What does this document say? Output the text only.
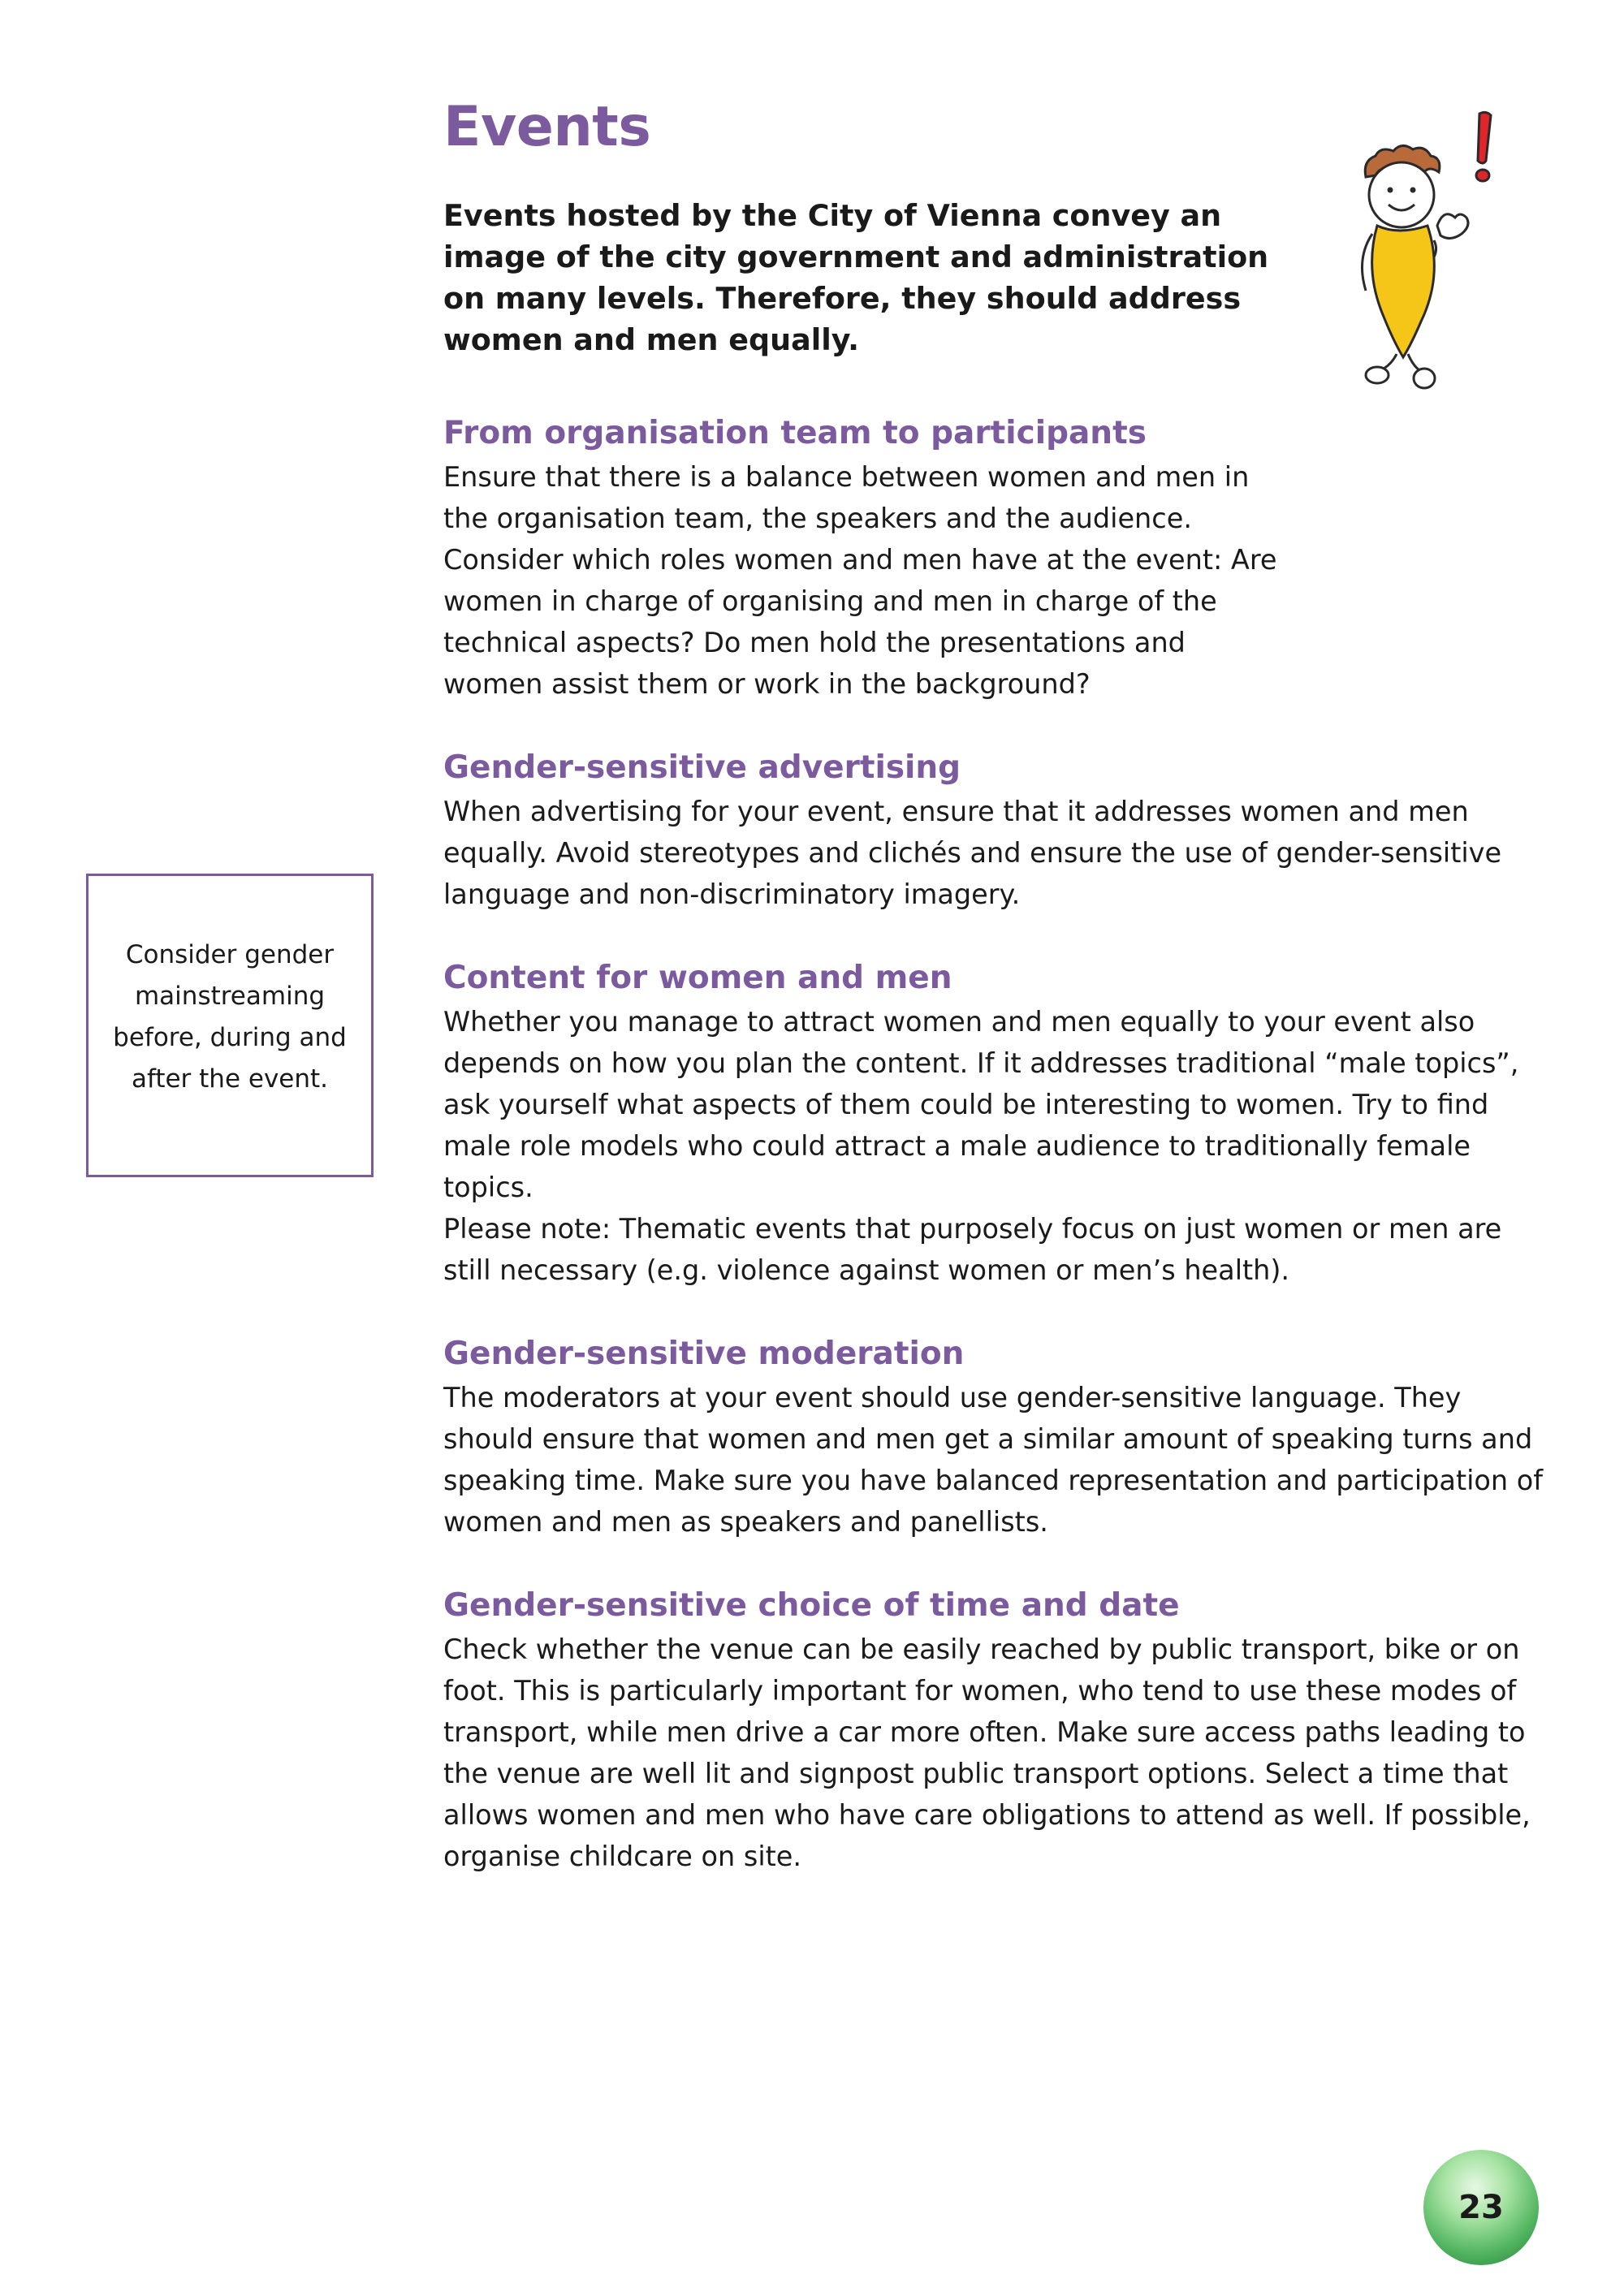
Events

Events hosted by the City of Vienna convey an image of the city government and administration on many levels. Therefore, they should address women and men equally.

From organisation team to participants

Ensure that there is a balance between women and men in the organisation team, the speakers and the audience. Consider which roles women and men have at the event: Are women in charge of organising and men in charge of the technical aspects? Do men hold the presentations and women assist them or work in the background?

Gender-sensitive advertising

When advertising for your event, ensure that it addresses women and men equally. Avoid stereotypes and clichés and ensure the use of gender-sensitive language and non-discriminatory imagery.

Content for women and men

Whether you manage to attract women and men equally to your event also depends on how you plan the content. If it addresses traditional “male topics”, ask yourself what aspects of them could be interesting to women. Try to find male role models who could attract a male audience to traditionally female topics.

Please note: Thematic events that purposely focus on just women or men are still necessary (e.g. violence against women or men’s health).

Gender-sensitive moderation

The moderators at your event should use gender-sensitive language. They should ensure that women and men get a similar amount of speaking turns and speaking time. Make sure you have balanced representation and participation of women and men as speakers and panellists.

Gender-sensitive choice of time and date

Check whether the venue can be easily reached by public transport, bike or on foot. This is particularly important for women, who tend to use these modes of transport, while men drive a car more often. Make sure access paths leading to the venue are well lit and signpost public transport options. Select a time that allows women and men who have care obligations to attend as well. If possible, organise childcare on site.

Consider gender mainstreaming before, during and after the event.
23
